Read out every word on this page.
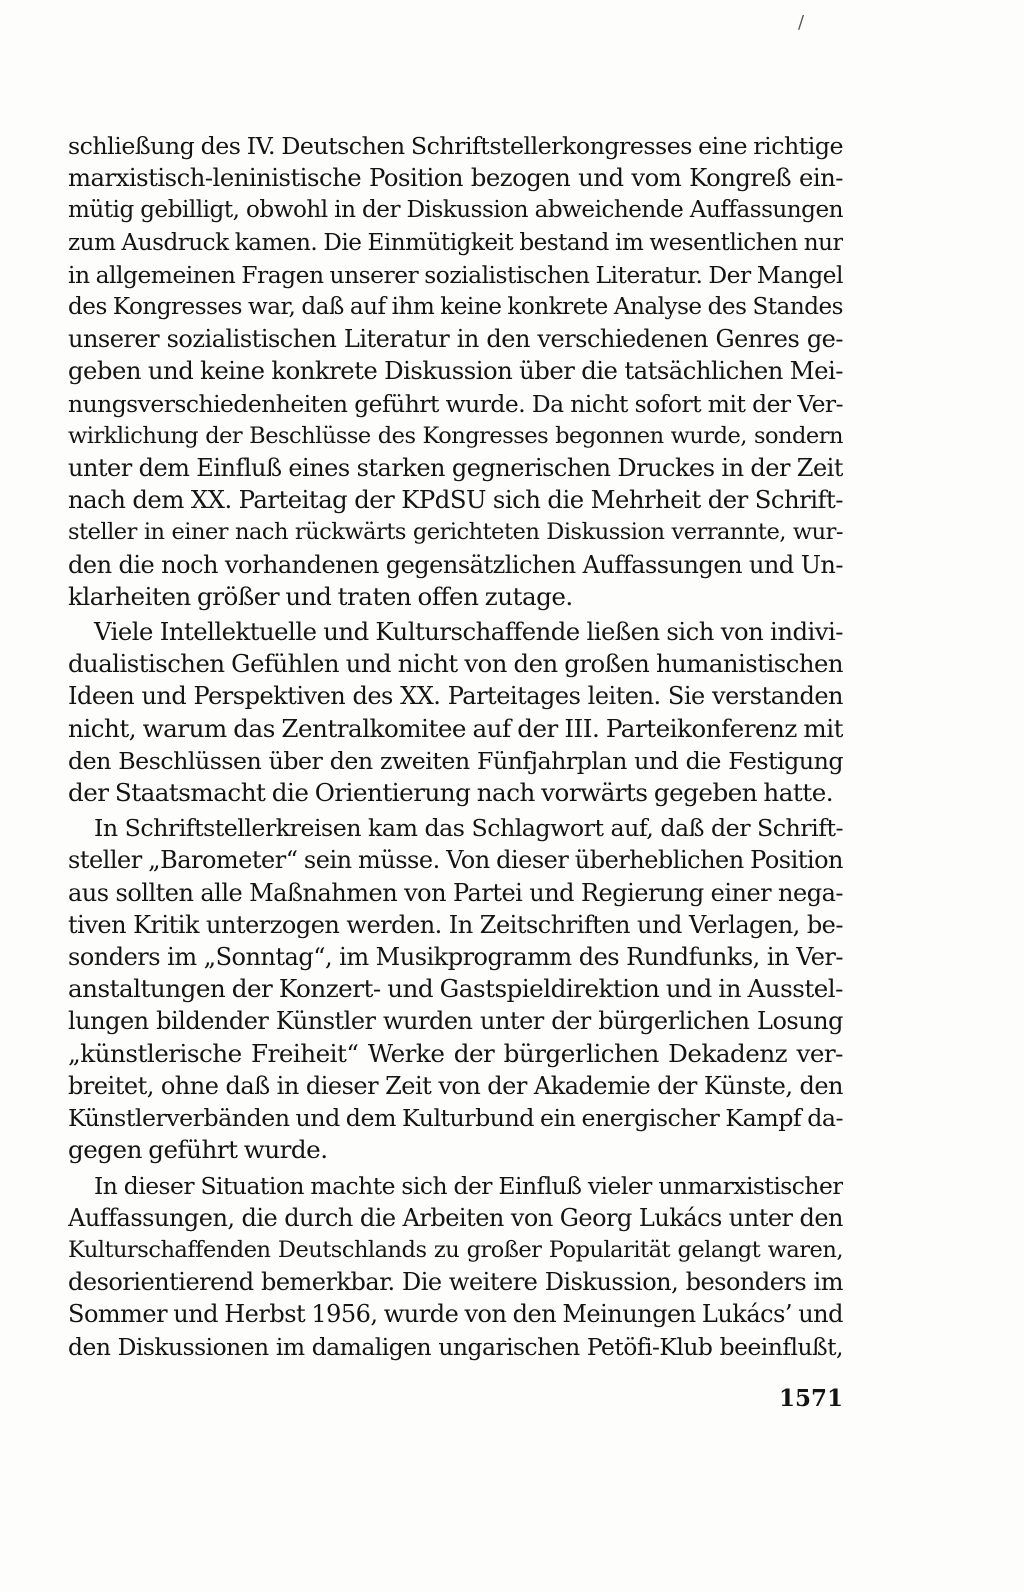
/
schließung des IV. Deutschen Schriftstellerkongresses eine richtige
marxistisch-leninistische Position bezogen und vom Kongreß ein-
mütig gebilligt, obwohl in der Diskussion abweichende Auffassungen
zum Ausdruck kamen. Die Einmütigkeit bestand im wesentlichen nur
in allgemeinen Fragen unserer sozialistischen Literatur. Der Mangel
des Kongresses war, daß auf ihm keine konkrete Analyse des Standes
unserer sozialistischen Literatur in den verschiedenen Genres ge-
geben und keine konkrete Diskussion über die tatsächlichen Mei-
nungsverschiedenheiten geführt wurde. Da nicht sofort mit der Ver-
wirklichung der Beschlüsse des Kongresses begonnen wurde, sondern
unter dem Einfluß eines starken gegnerischen Druckes in der Zeit
nach dem XX. Parteitag der KPdSU sich die Mehrheit der Schrift-
steller in einer nach rückwärts gerichteten Diskussion verrannte, wur-
den die noch vorhandenen gegensätzlichen Auffassungen und Un-
klarheiten größer und traten offen zutage.
Viele Intellektuelle und Kulturschaffende ließen sich von indivi-
dualistischen Gefühlen und nicht von den großen humanistischen
Ideen und Perspektiven des XX. Parteitages leiten. Sie verstanden
nicht, warum das Zentralkomitee auf der III. Parteikonferenz mit
den Beschlüssen über den zweiten Fünfjahrplan und die Festigung
der Staatsmacht die Orientierung nach vorwärts gegeben hatte.
In Schriftstellerkreisen kam das Schlagwort auf, daß der Schrift-
steller „Barometer“ sein müsse. Von dieser überheblichen Position
aus sollten alle Maßnahmen von Partei und Regierung einer nega-
tiven Kritik unterzogen werden. In Zeitschriften und Verlagen, be-
sonders im „Sonntag“, im Musikprogramm des Rundfunks, in Ver-
anstaltungen der Konzert- und Gastspieldirektion und in Ausstel-
lungen bildender Künstler wurden unter der bürgerlichen Losung
„künstlerische Freiheit“ Werke der bürgerlichen Dekadenz ver-
breitet, ohne daß in dieser Zeit von der Akademie der Künste, den
Künstlerverbänden und dem Kulturbund ein energischer Kampf da-
gegen geführt wurde.
In dieser Situation machte sich der Einfluß vieler unmarxistischer
Auffassungen, die durch die Arbeiten von Georg Lukács unter den
Kulturschaffenden Deutschlands zu großer Popularität gelangt waren,
desorientierend bemerkbar. Die weitere Diskussion, besonders im
Sommer und Herbst 1956, wurde von den Meinungen Lukács’ und
den Diskussionen im damaligen ungarischen Petöfi-Klub beeinflußt,
1571
